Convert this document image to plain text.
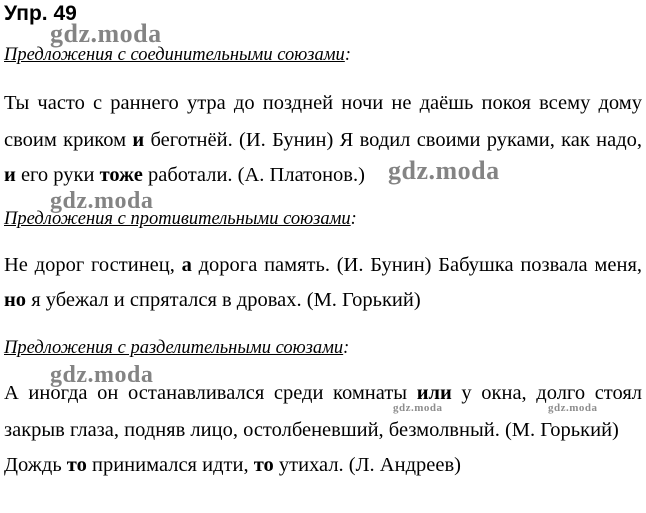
Упр. 49
Предложения с соединительными союзами:
Ты часто с раннего утра до поздней ночи не даёшь покоя всему дому
своим криком и беготнёй. (И. Бунин) Я водил своими руками, как надо,
и его руки тоже работали. (А. Платонов.)
Предложения с противительными союзами:
Не дорог гостинец, а дорога память. (И. Бунин) Бабушка позвала меня,
но я убежал и спрятался в дровах. (М. Горький)
Предложения с разделительными союзами:
А иногда он останавливался среди комнаты или у окна, долго стоял
закрыв глаза, подняв лицо, остолбеневший, безмолвный. (М. Горький)
Дождь то принимался идти, то утихал. (Л. Андреев)
gdz.moda
gdz.moda
gdz.moda
gdz.moda
gdz.moda	gdz.moda
